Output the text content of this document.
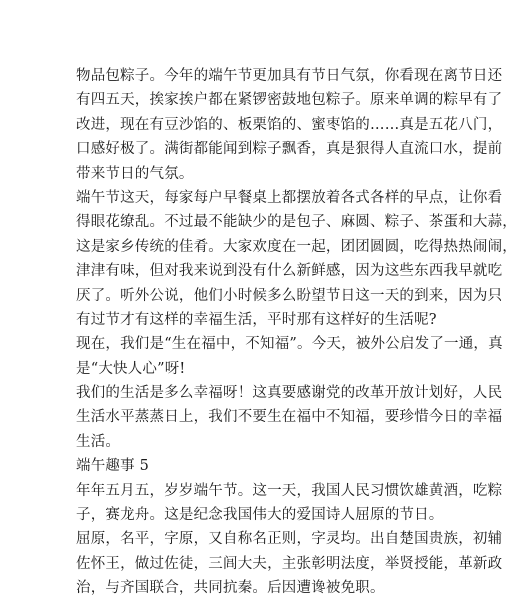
物品包粽子。今年的端午节更加具有节日气氛，你看现在离节日还
有四五天，挨家挨户都在紧锣密鼓地包粽子。原来单调的粽早有了
改进，现在有豆沙馅的、板栗馅的、蜜枣馅的……真是五花八门，
口感好极了。满街都能闻到粽子飘香，真是狠得人直流口水，提前
带来节日的气氛。
端午节这天，每家每户早餐桌上都摆放着各式各样的早点，让你看
得眼花缭乱。不过最不能缺少的是包子、麻圆、粽子、茶蛋和大蒜，
这是家乡传统的佳肴。大家欢度在一起，团团圆圆，吃得热热闹闹，
津津有味，但对我来说到没有什么新鲜感，因为这些东西我早就吃
厌了。听外公说，他们小时候多么盼望节日这一天的到来，因为只
有过节才有这样的幸福生活，平时那有这样好的生活呢?
现在，我们是“生在福中，不知福”。今天，被外公启发了一通，真
是“大快人心”呀!
我们的生活是多么幸福呀！这真要感谢党的改革开放计划好，人民
生活水平蒸蒸日上，我们不要生在福中不知福，要珍惜今日的幸福
生活。
端午趣事 5
年年五月五，岁岁端午节。这一天，我国人民习惯饮雄黄酒，吃粽
子，赛龙舟。这是纪念我国伟大的爱国诗人屈原的节日。
屈原，名平，字原，又自称名正则，字灵均。出自楚国贵族，初辅
佐怀王，做过佐徒，三闾大夫，主张彰明法度，举贤授能，革新政
治，与齐国联合，共同抗秦。后因遭谗被免职。
